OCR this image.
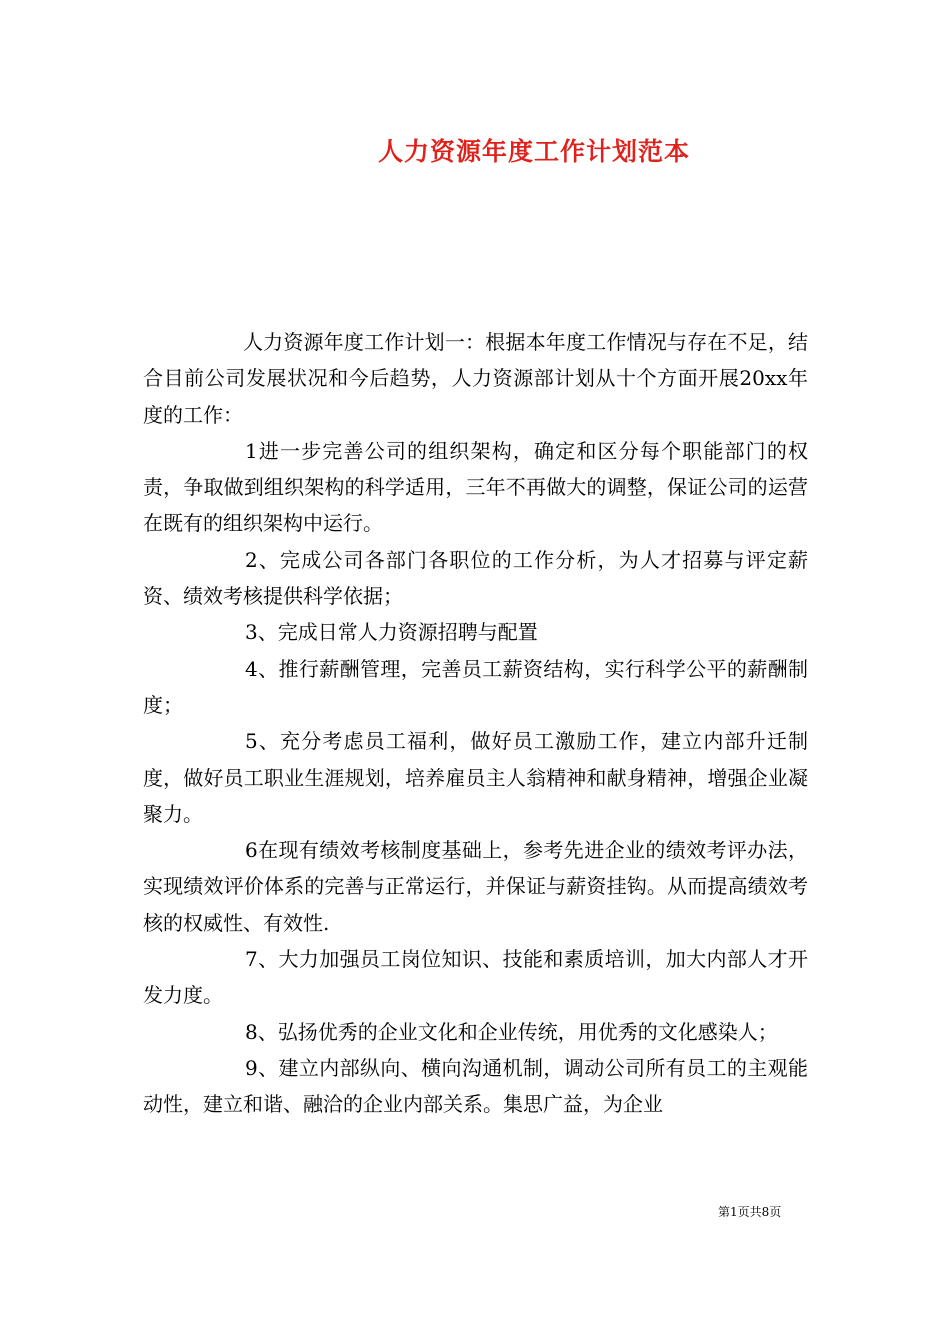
人力资源年度工作计划范本

人力资源年度工作计划一：根据本年度工作情况与存在不足，结合目前公司发展状况和今后趋势，人力资源部计划从十个方面开展20xx年度的工作：

1进一步完善公司的组织架构，确定和区分每个职能部门的权责，争取做到组织架构的科学适用，三年不再做大的调整，保证公司的运营在既有的组织架构中运行。

2、完成公司各部门各职位的工作分析，为人才招募与评定薪资、绩效考核提供科学依据；

3、完成日常人力资源招聘与配置

4、推行薪酬管理，完善员工薪资结构，实行科学公平的薪酬制度；

5、充分考虑员工福利，做好员工激励工作，建立内部升迁制度，做好员工职业生涯规划，培养雇员主人翁精神和献身精神，增强企业凝聚力。

6在现有绩效考核制度基础上，参考先进企业的绩效考评办法，实现绩效评价体系的完善与正常运行，并保证与薪资挂钩。从而提高绩效考核的权威性、有效性.

7、大力加强员工岗位知识、技能和素质培训，加大内部人才开发力度。

8、弘扬优秀的企业文化和企业传统，用优秀的文化感染人；

9、建立内部纵向、横向沟通机制，调动公司所有员工的主观能动性，建立和谐、融洽的企业内部关系。集思广益，为企业

第1页共8页
